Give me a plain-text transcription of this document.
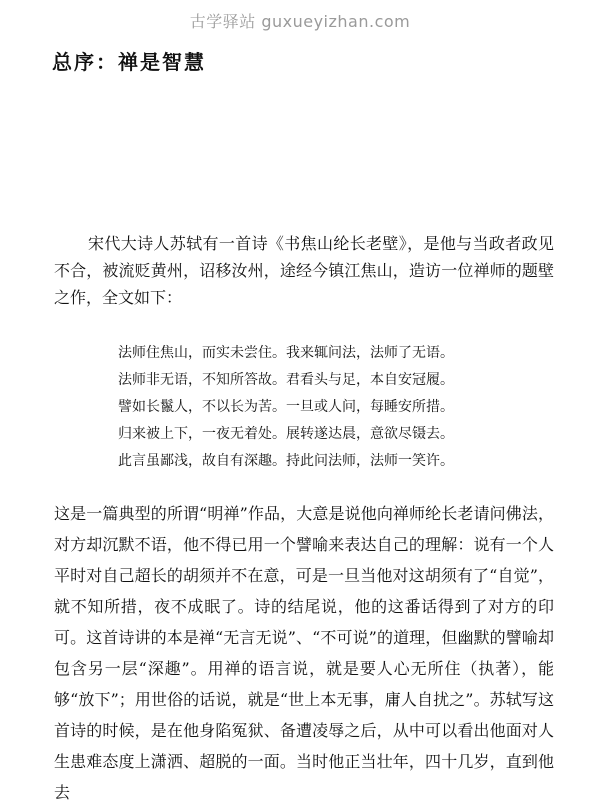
古学驿站 guxueyizhan.com
总序：禅是智慧

宋代大诗人苏轼有一首诗《书焦山纶长老壁》，是他与当政者政见不合，被流贬黄州，诏移汝州，途经今镇江焦山，造访一位禅师的题壁之作，全文如下：

法师住焦山，而实未尝住。我来辄问法，法师了无语。
法师非无语，不知所答故。君看头与足，本自安冠履。
譬如长鬣人，不以长为苦。一旦或人问，每睡安所措。
归来被上下，一夜无着处。展转遂达晨，意欲尽镊去。
此言虽鄙浅，故自有深趣。持此问法师，法师一笑许。

这是一篇典型的所谓“明禅”作品，大意是说他向禅师纶长老请问佛法，对方却沉默不语，他不得已用一个譬喻来表达自己的理解：说有一个人平时对自己超长的胡须并不在意，可是一旦当他对这胡须有了“自觉”，就不知所措，夜不成眠了。诗的结尾说，他的这番话得到了对方的印可。这首诗讲的本是禅“无言无说”、“不可说”的道理，但幽默的譬喻却包含另一层“深趣”。用禅的语言说，就是要人心无所住（执著），能够“放下”；用世俗的话说，就是“世上本无事，庸人自扰之”。苏轼写这首诗的时候，是在他身陷冤狱、备遭凌辱之后，从中可以看出他面对人生患难态度上潇洒、超脱的一面。当时他正当壮年，四十几岁，直到他去
